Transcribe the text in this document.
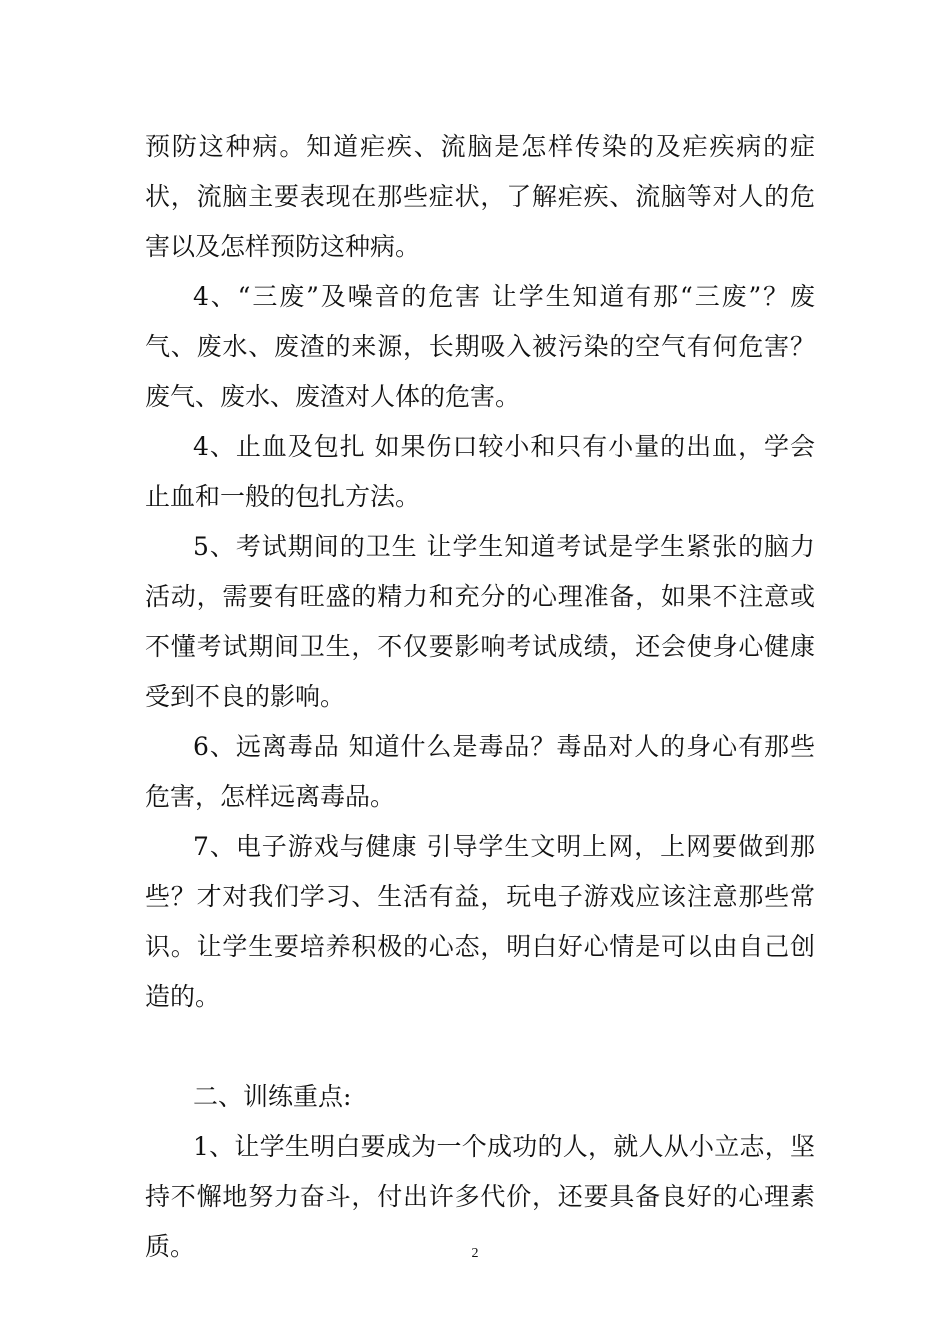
预防这种病。知道疟疾、流脑是怎样传染的及疟疾病的症状，流脑主要表现在那些症状，了解疟疾、流脑等对人的危害以及怎样预防这种病。

4、“三废”及噪音的危害 让学生知道有那“三废”？废气、废水、废渣的来源，长期吸入被污染的空气有何危害？废气、废水、废渣对人体的危害。

4、止血及包扎 如果伤口较小和只有小量的出血，学会止血和一般的包扎方法。

5、考试期间的卫生 让学生知道考试是学生紧张的脑力活动，需要有旺盛的精力和充分的心理准备，如果不注意或不懂考试期间卫生，不仅要影响考试成绩，还会使身心健康受到不良的影响。

6、远离毒品 知道什么是毒品？毒品对人的身心有那些危害，怎样远离毒品。

7、电子游戏与健康 引导学生文明上网，上网要做到那些？才对我们学习、生活有益，玩电子游戏应该注意那些常识。让学生要培养积极的心态，明白好心情是可以由自己创造的。

二、训练重点:

1、让学生明白要成为一个成功的人，就人从小立志，坚持不懈地努力奋斗，付出许多代价，还要具备良好的心理素质。	2
